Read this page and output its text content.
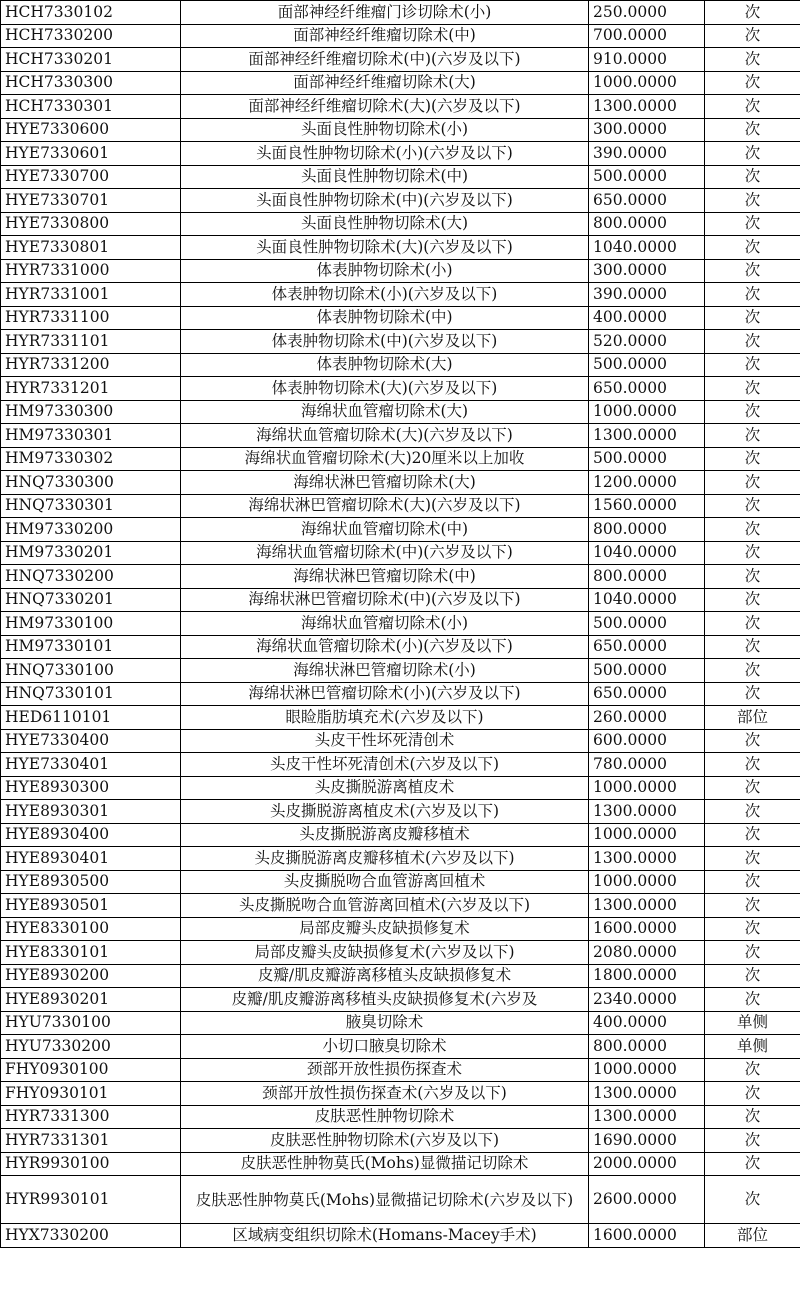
HCH7330102	面部神经纤维瘤门诊切除术(小)	250.0000	次
HCH7330200	面部神经纤维瘤切除术(中)	700.0000	次
HCH7330201	面部神经纤维瘤切除术(中)(六岁及以下)	910.0000	次
HCH7330300	面部神经纤维瘤切除术(大)	1000.0000	次
HCH7330301	面部神经纤维瘤切除术(大)(六岁及以下)	1300.0000	次
HYE7330600	头面良性肿物切除术(小)	300.0000	次
HYE7330601	头面良性肿物切除术(小)(六岁及以下)	390.0000	次
HYE7330700	头面良性肿物切除术(中)	500.0000	次
HYE7330701	头面良性肿物切除术(中)(六岁及以下)	650.0000	次
HYE7330800	头面良性肿物切除术(大)	800.0000	次
HYE7330801	头面良性肿物切除术(大)(六岁及以下)	1040.0000	次
HYR7331000	体表肿物切除术(小)	300.0000	次
HYR7331001	体表肿物切除术(小)(六岁及以下)	390.0000	次
HYR7331100	体表肿物切除术(中)	400.0000	次
HYR7331101	体表肿物切除术(中)(六岁及以下)	520.0000	次
HYR7331200	体表肿物切除术(大)	500.0000	次
HYR7331201	体表肿物切除术(大)(六岁及以下)	650.0000	次
HM97330300	海绵状血管瘤切除术(大)	1000.0000	次
HM97330301	海绵状血管瘤切除术(大)(六岁及以下)	1300.0000	次
HM97330302	海绵状血管瘤切除术(大)20厘米以上加收	500.0000	次
HNQ7330300	海绵状淋巴管瘤切除术(大)	1200.0000	次
HNQ7330301	海绵状淋巴管瘤切除术(大)(六岁及以下)	1560.0000	次
HM97330200	海绵状血管瘤切除术(中)	800.0000	次
HM97330201	海绵状血管瘤切除术(中)(六岁及以下)	1040.0000	次
HNQ7330200	海绵状淋巴管瘤切除术(中)	800.0000	次
HNQ7330201	海绵状淋巴管瘤切除术(中)(六岁及以下)	1040.0000	次
HM97330100	海绵状血管瘤切除术(小)	500.0000	次
HM97330101	海绵状血管瘤切除术(小)(六岁及以下)	650.0000	次
HNQ7330100	海绵状淋巴管瘤切除术(小)	500.0000	次
HNQ7330101	海绵状淋巴管瘤切除术(小)(六岁及以下)	650.0000	次
HED6110101	眼睑脂肪填充术(六岁及以下)	260.0000	部位
HYE7330400	头皮干性坏死清创术	600.0000	次
HYE7330401	头皮干性坏死清创术(六岁及以下)	780.0000	次
HYE8930300	头皮撕脱游离植皮术	1000.0000	次
HYE8930301	头皮撕脱游离植皮术(六岁及以下)	1300.0000	次
HYE8930400	头皮撕脱游离皮瓣移植术	1000.0000	次
HYE8930401	头皮撕脱游离皮瓣移植术(六岁及以下)	1300.0000	次
HYE8930500	头皮撕脱吻合血管游离回植术	1000.0000	次
HYE8930501	头皮撕脱吻合血管游离回植术(六岁及以下)	1300.0000	次
HYE8330100	局部皮瓣头皮缺损修复术	1600.0000	次
HYE8330101	局部皮瓣头皮缺损修复术(六岁及以下)	2080.0000	次
HYE8930200	皮瓣/肌皮瓣游离移植头皮缺损修复术	1800.0000	次
HYE8930201	皮瓣/肌皮瓣游离移植头皮缺损修复术(六岁及	2340.0000	次
HYU7330100	腋臭切除术	400.0000	单侧
HYU7330200	小切口腋臭切除术	800.0000	单侧
FHY0930100	颈部开放性损伤探查术	1000.0000	次
FHY0930101	颈部开放性损伤探查术(六岁及以下)	1300.0000	次
HYR7331300	皮肤恶性肿物切除术	1300.0000	次
HYR7331301	皮肤恶性肿物切除术(六岁及以下)	1690.0000	次
HYR9930100	皮肤恶性肿物莫氏(Mohs)显微描记切除术	2000.0000	次
HYR9930101	皮肤恶性肿物莫氏(Mohs)显微描记切除术(六岁及以下)	2600.0000	次
HYX7330200	区域病变组织切除术(Homans-Macey手术)	1600.0000	部位
